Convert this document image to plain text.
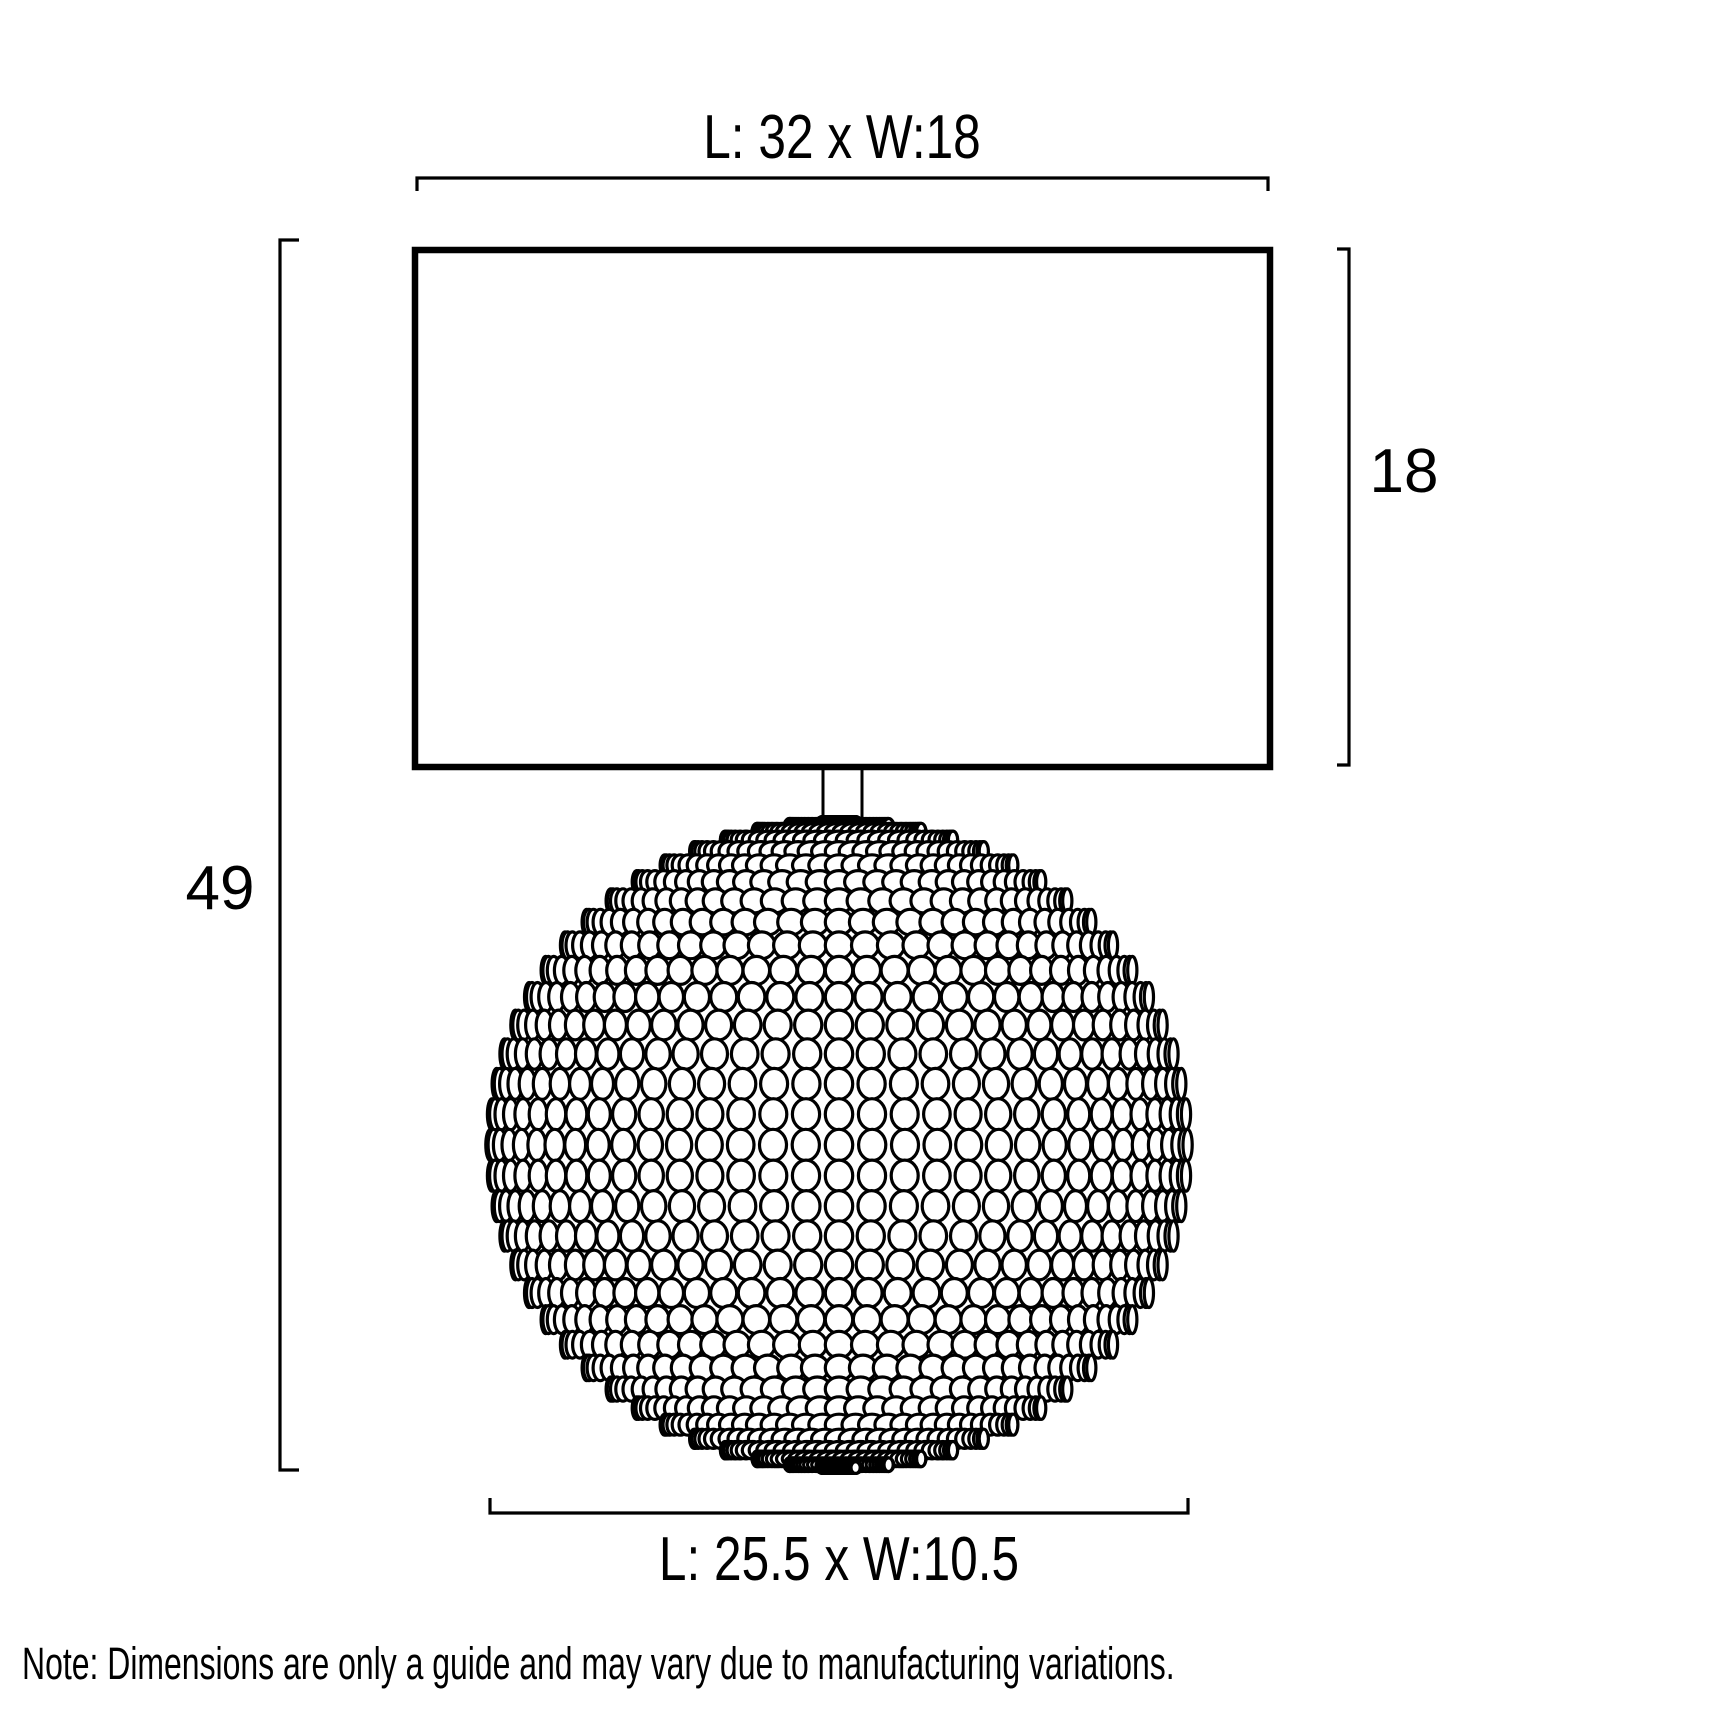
L: 32 x W:18
18
49
L: 25.5 x W:10.5
Note: Dimensions are only a guide and may vary due to manufacturing variations.
